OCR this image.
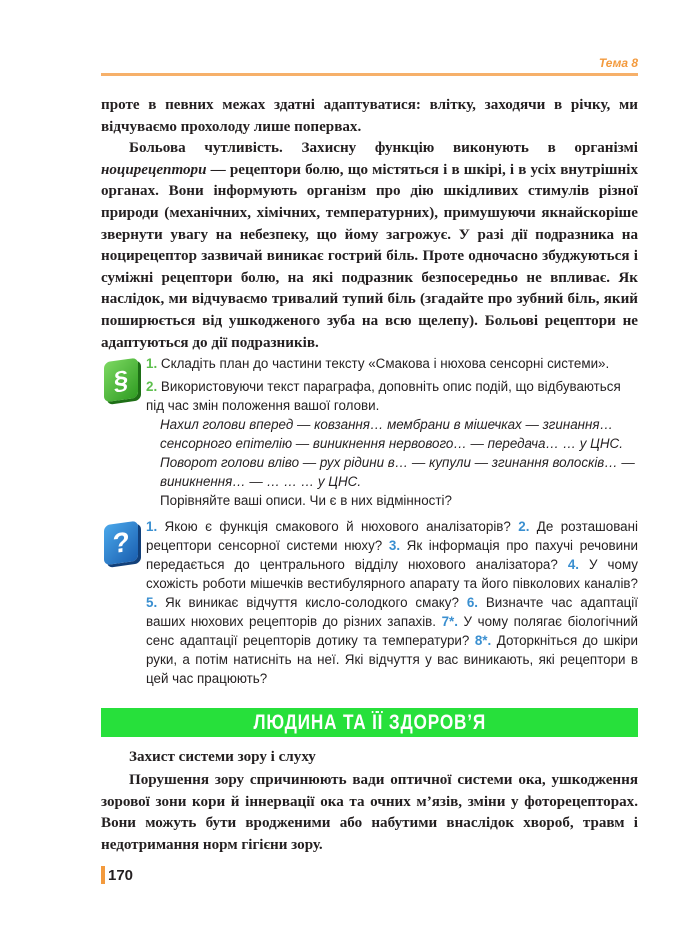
Тема 8

проте в певних межах здатні адаптуватися: влітку, заходячи в річку, ми відчуваємо прохолоду лише попервах.

Больова чутливість. Захисну функцію виконують в організмі ноцирецептори — рецептори болю, що містяться і в шкірі, і в усіх внутрішніх органах. Вони інформують організм про дію шкідливих стимулів різної природи (механічних, хімічних, температурних), примушуючи якнайскоріше звернути увагу на небезпеку, що йому загрожує. У разі дії подразника на ноцирецептор зазвичай виникає гострий біль. Проте одночасно збуджуються і суміжні рецептори болю, на які подразник безпосередньо не впливає. Як наслідок, ми відчуваємо тривалий тупий біль (згадайте про зубний біль, який поширюється від ушкодженого зуба на всю щелепу). Больові рецептори не адаптуються до дії подразників.

§	1. Складіть план до частини тексту «Смакова і нюхова сенсорні системи».

2. Використовуючи текст параграфа, доповніть опис подій, що відбуваються під час змін положення вашої голови.

Нахил голови вперед — ковзання… мембрани в мішечках — згинання… сенсорного епітелію — виникнення нервового… — передача… … у ЦНС. Поворот голови вліво — рух рідини в… — купули — згинання волосків… — виникнення… — … … … у ЦНС.

Порівняйте ваші описи. Чи є в них відмінності?

?	1. Якою є функція смакового й нюхового аналізаторів? 2. Де розташовані рецептори сенсорної системи нюху? 3. Як інформація про пахучі речовини передається до центрального відділу нюхового аналізатора? 4. У чому схожість роботи мішечків вестибулярного апарату та його півколових каналів? 5. Як виникає відчуття кисло-солодкого смаку? 6. Визначте час адаптації ваших нюхових рецепторів до різних запахів. 7*. У чому полягає біологічний сенс адаптації рецепторів дотику та температури? 8*. Доторкніться до шкіри руки, а потім натисніть на неї. Які відчуття у вас виникають, які рецептори в цей час працюють?

ЛЮДИНА ТА ЇЇ ЗДОРОВ’Я
Захист системи зору і слуху

Порушення зору спричинюють вади оптичної системи ока, ушкодження зорової зони кори й іннервації ока та очних м’язів, зміни у фоторецепторах. Вони можуть бути вродженими або набутими внаслідок хвороб, травм і недотримання норм гігієни зору.

170
